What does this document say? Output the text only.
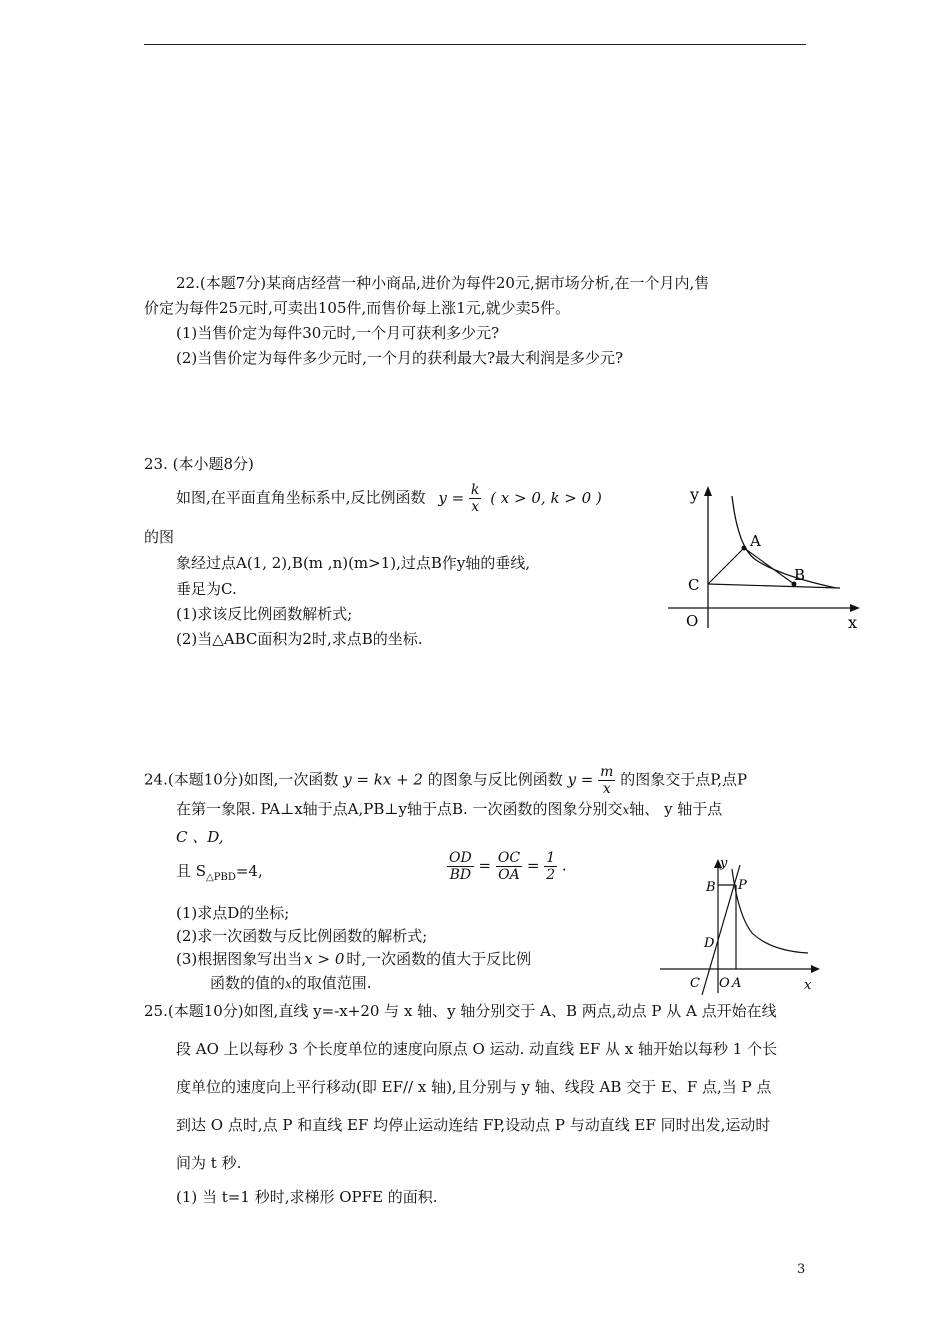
22.(本题7分)某商店经营一种小商品,进价为每件20元,据市场分析,在一个月内,售
价定为每件25元时,可卖出105件,而售价每上涨1元,就少卖5件。
(1)当售价定为每件30元时,一个月可获利多少元?
(2)当售价定为每件多少元时,一个月的获利最大?最大利润是多少元?
23. (本小题8分)
如图,在平面直角坐标系中,反比例函数 $y = \frac{k}{x}$ ( x > 0, k > 0 )
的图
象经过点A(1, 2),B(m ,n)(m>1),过点B作y轴的垂线,
垂足为C.
(1)求该反比例函数解析式;
(2)当△ABC面积为2时,求点B的坐标.
y
x
A
B
C
O
24.(本题10分)如图,一次函数 y = kx + 2 的图象与反比例函数 $y = \frac{m}{x}$ 的图象交于点P,点P
在第一象限. PA⊥x轴于点A,PB⊥y轴于点B. 一次函数的图象分别交x轴、 y 轴于点
C 、D,
且 $S_{\triangle PBD}=4$,	$\frac{OD}{BD} = \frac{OC}{OA} = \frac{1}{2}$ .
(1)求点D的坐标;
(2)求一次函数与反比例函数的解析式;
(3)根据图象写出当 x > 0 时,一次函数的值大于反比例
函数的值的x的取值范围.
y
x
B P
D
C O A
25.(本题10分)如图,直线 y=-x+20 与 x 轴、y 轴分别交于 A、B 两点,动点 P 从 A 点开始在线
段 AO 上以每秒 3 个长度单位的速度向原点 O 运动. 动直线 EF 从 x 轴开始以每秒 1 个长
度单位的速度向上平行移动(即 EF// x 轴),且分别与 y 轴、线段 AB 交于 E、F 点,当 P 点
到达 O 点时,点 P 和直线 EF 均停止运动连结 FP,设动点 P 与动直线 EF 同时出发,运动时
间为 t 秒.
(1) 当 t=1 秒时,求梯形 OPFE 的面积.
3
